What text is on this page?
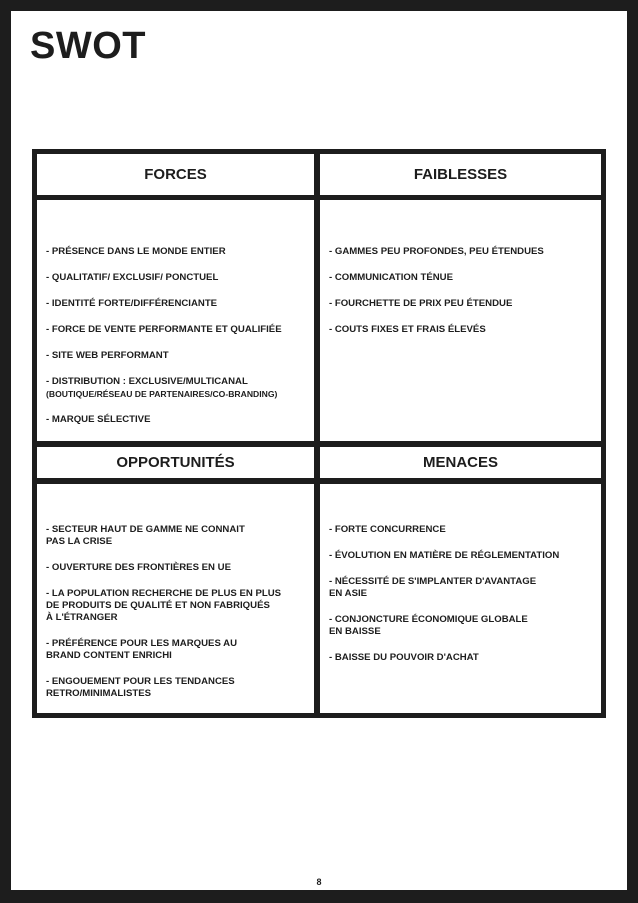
SWOT
FORCES	FAIBLESSES
- PRÉSENCE DANS LE MONDE ENTIER
- QUALITATIF/ EXCLUSIF/ PONCTUEL
- IDENTITÉ FORTE/DIFFÉRENCIANTE
- FORCE DE VENTE PERFORMANTE ET QUALIFIÉE
- SITE WEB PERFORMANT
- DISTRIBUTION : EXCLUSIVE/MULTICANAL
(BOUTIQUE/RÉSEAU DE PARTENAIRES/CO-BRANDING)
- MARQUE SÉLECTIVE
- GAMMES PEU PROFONDES, PEU ÉTENDUES
- COMMUNICATION TÉNUE
- FOURCHETTE DE PRIX PEU ÉTENDUE
- COUTS FIXES ET FRAIS ÉLEVÉS
OPPORTUNITÉS	MENACES
- SECTEUR HAUT DE GAMME NE CONNAIT
PAS LA CRISE
- OUVERTURE DES FRONTIÈRES EN UE
- LA POPULATION RECHERCHE DE PLUS EN PLUS
DE PRODUITS DE QUALITÉ ET NON FABRIQUÉS
À L'ÉTRANGER
- PRÉFÉRENCE POUR LES MARQUES AU
BRAND CONTENT ENRICHI
- ENGOUEMENT POUR LES TENDANCES
RETRO/MINIMALISTES
- FORTE CONCURRENCE
- ÉVOLUTION EN MATIÈRE DE RÉGLEMENTATION
- NÉCESSITÉ DE S'IMPLANTER D'AVANTAGE
EN ASIE
- CONJONCTURE ÉCONOMIQUE GLOBALE
EN BAISSE
- BAISSE DU POUVOIR D'ACHAT
8
